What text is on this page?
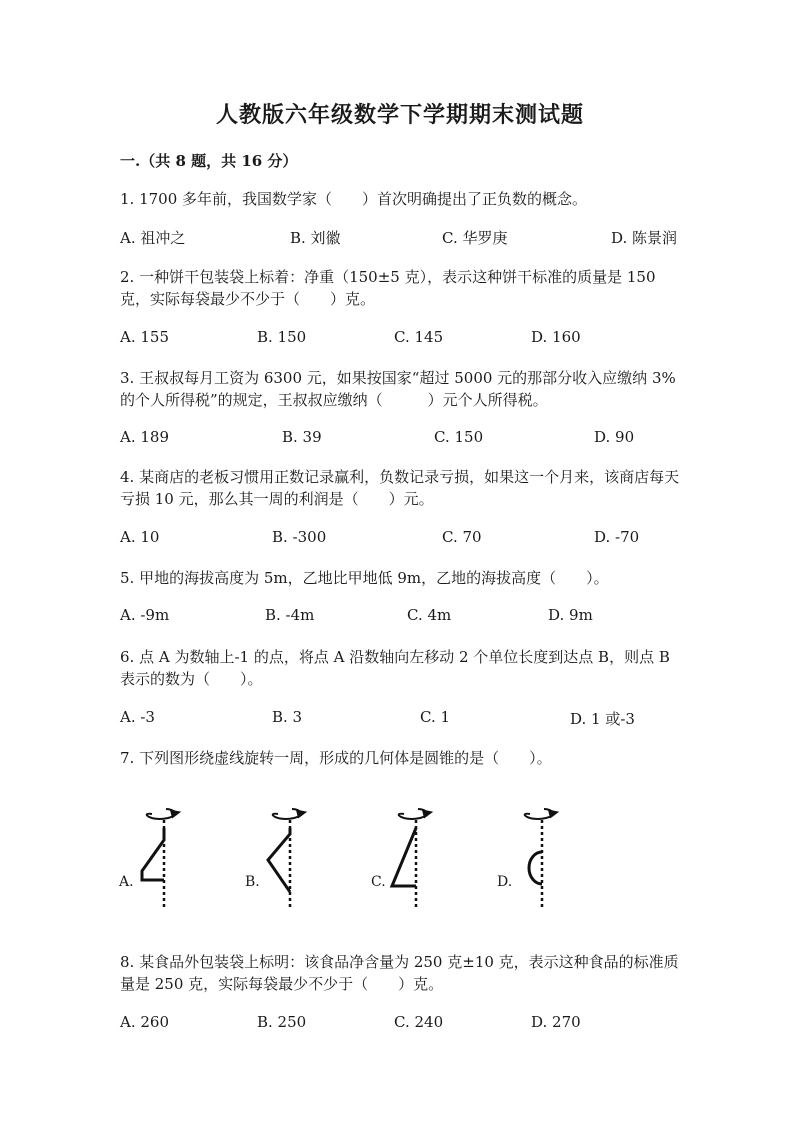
人教版六年级数学下学期期末测试题
一.（共 8 题，共 16 分）
1. 1700 多年前，我国数学家（　　）首次明确提出了正负数的概念。
A. 祖冲之	B. 刘徽	C. 华罗庚	D. 陈景润
2. 一种饼干包装袋上标着：净重（150±5 克），表示这种饼干标准的质量是 150 克，实际每袋最少不少于（　　）克。
A. 155	B. 150	C. 145	D. 160
3. 王叔叔每月工资为 6300 元，如果按国家“超过 5000 元的那部分收入应缴纳 3%的个人所得税”的规定，王叔叔应缴纳（　　　）元个人所得税。
A. 189	B. 39	C. 150	D. 90
4. 某商店的老板习惯用正数记录赢利，负数记录亏损，如果这一个月来，该商店每天亏损 10 元，那么其一周的利润是（　　）元。
A. 10	B. -300	C. 70	D. -70
5. 甲地的海拔高度为 5m，乙地比甲地低 9m，乙地的海拔高度（　　）。
A. -9m	B. -4m	C. 4m	D. 9m
6. 点 A 为数轴上-1 的点，将点 A 沿数轴向左移动 2 个单位长度到达点 B，则点 B 表示的数为（　　）。
A. -3	B. 3	C. 1	D. 1 或-3
7. 下列图形绕虚线旋转一周，形成的几何体是圆锥的是（　　）。
A.	B.	C.	D.
8. 某食品外包装袋上标明：该食品净含量为 250 克±10 克，表示这种食品的标准质量是 250 克，实际每袋最少不少于（　　）克。
A. 260	B. 250	C. 240	D. 270
